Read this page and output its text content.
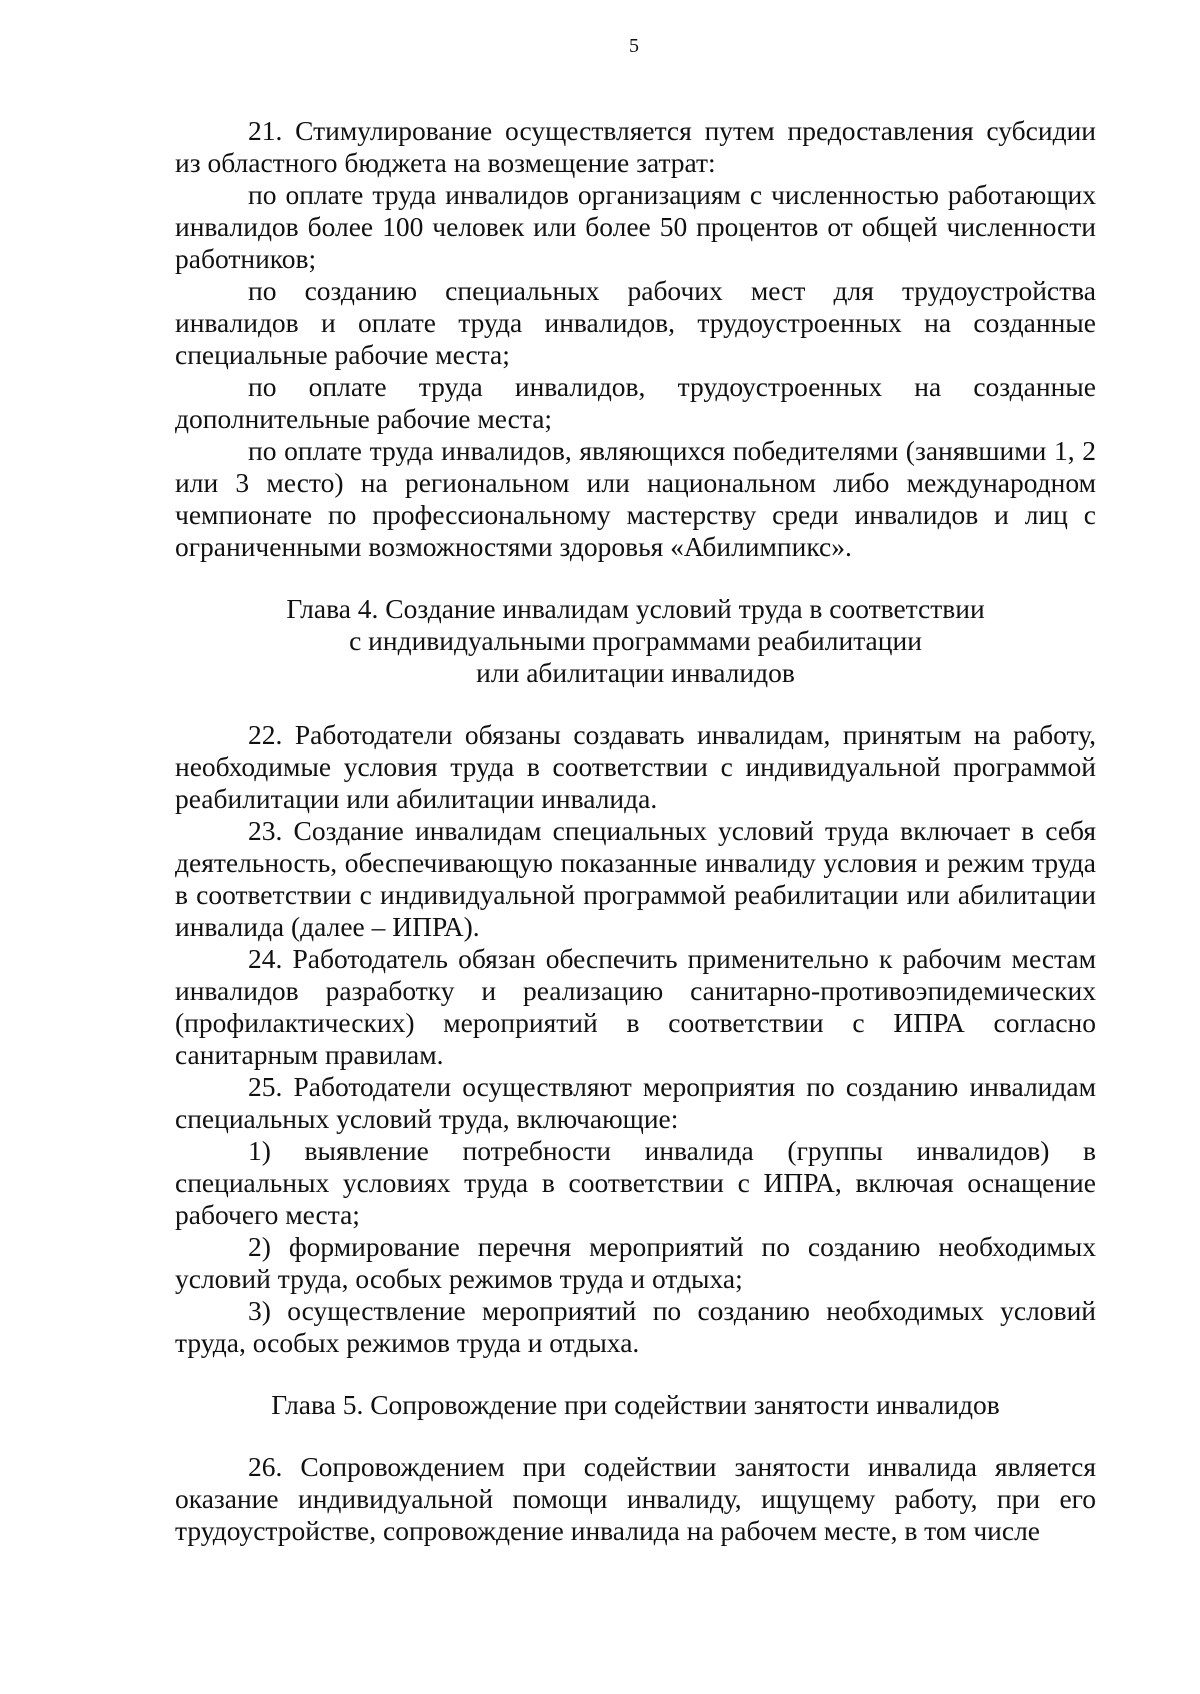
5

21. Стимулирование осуществляется путем предоставления субсидии из областного бюджета на возмещение затрат:

по оплате труда инвалидов организациям с численностью работающих инвалидов более 100 человек или более 50 процентов от общей численности работников;

по созданию специальных рабочих мест для трудоустройства инвалидов и оплате труда инвалидов, трудоустроенных на созданные специальные рабочие места;

по оплате труда инвалидов, трудоустроенных на созданные дополнительные рабочие места;

по оплате труда инвалидов, являющихся победителями (занявшими 1, 2 или 3 место) на региональном или национальном либо международном чемпионате по профессиональному мастерству среди инвалидов и лиц с ограниченными возможностями здоровья «Абилимпикс».

Глава 4. Создание инвалидам условий труда в соответствии
с индивидуальными программами реабилитации
или абилитации инвалидов

22. Работодатели обязаны создавать инвалидам, принятым на работу, необходимые условия труда в соответствии с индивидуальной программой реабилитации или абилитации инвалида.

23. Создание инвалидам специальных условий труда включает в себя деятельность, обеспечивающую показанные инвалиду условия и режим труда в соответствии с индивидуальной программой реабилитации или абилитации инвалида (далее – ИПРА).

24. Работодатель обязан обеспечить применительно к рабочим местам инвалидов разработку и реализацию санитарно-противоэпидемических (профилактических) мероприятий в соответствии с ИПРА согласно санитарным правилам.

25. Работодатели осуществляют мероприятия по созданию инвалидам специальных условий труда, включающие:

1) выявление потребности инвалида (группы инвалидов) в специальных условиях труда в соответствии с ИПРА, включая оснащение рабочего места;

2) формирование перечня мероприятий по созданию необходимых условий труда, особых режимов труда и отдыха;

3) осуществление мероприятий по созданию необходимых условий труда, особых режимов труда и отдыха.

Глава 5. Сопровождение при содействии занятости инвалидов

26. Сопровождением при содействии занятости инвалида является оказание индивидуальной помощи инвалиду, ищущему работу, при его трудоустройстве, сопровождение инвалида на рабочем месте, в том числе
